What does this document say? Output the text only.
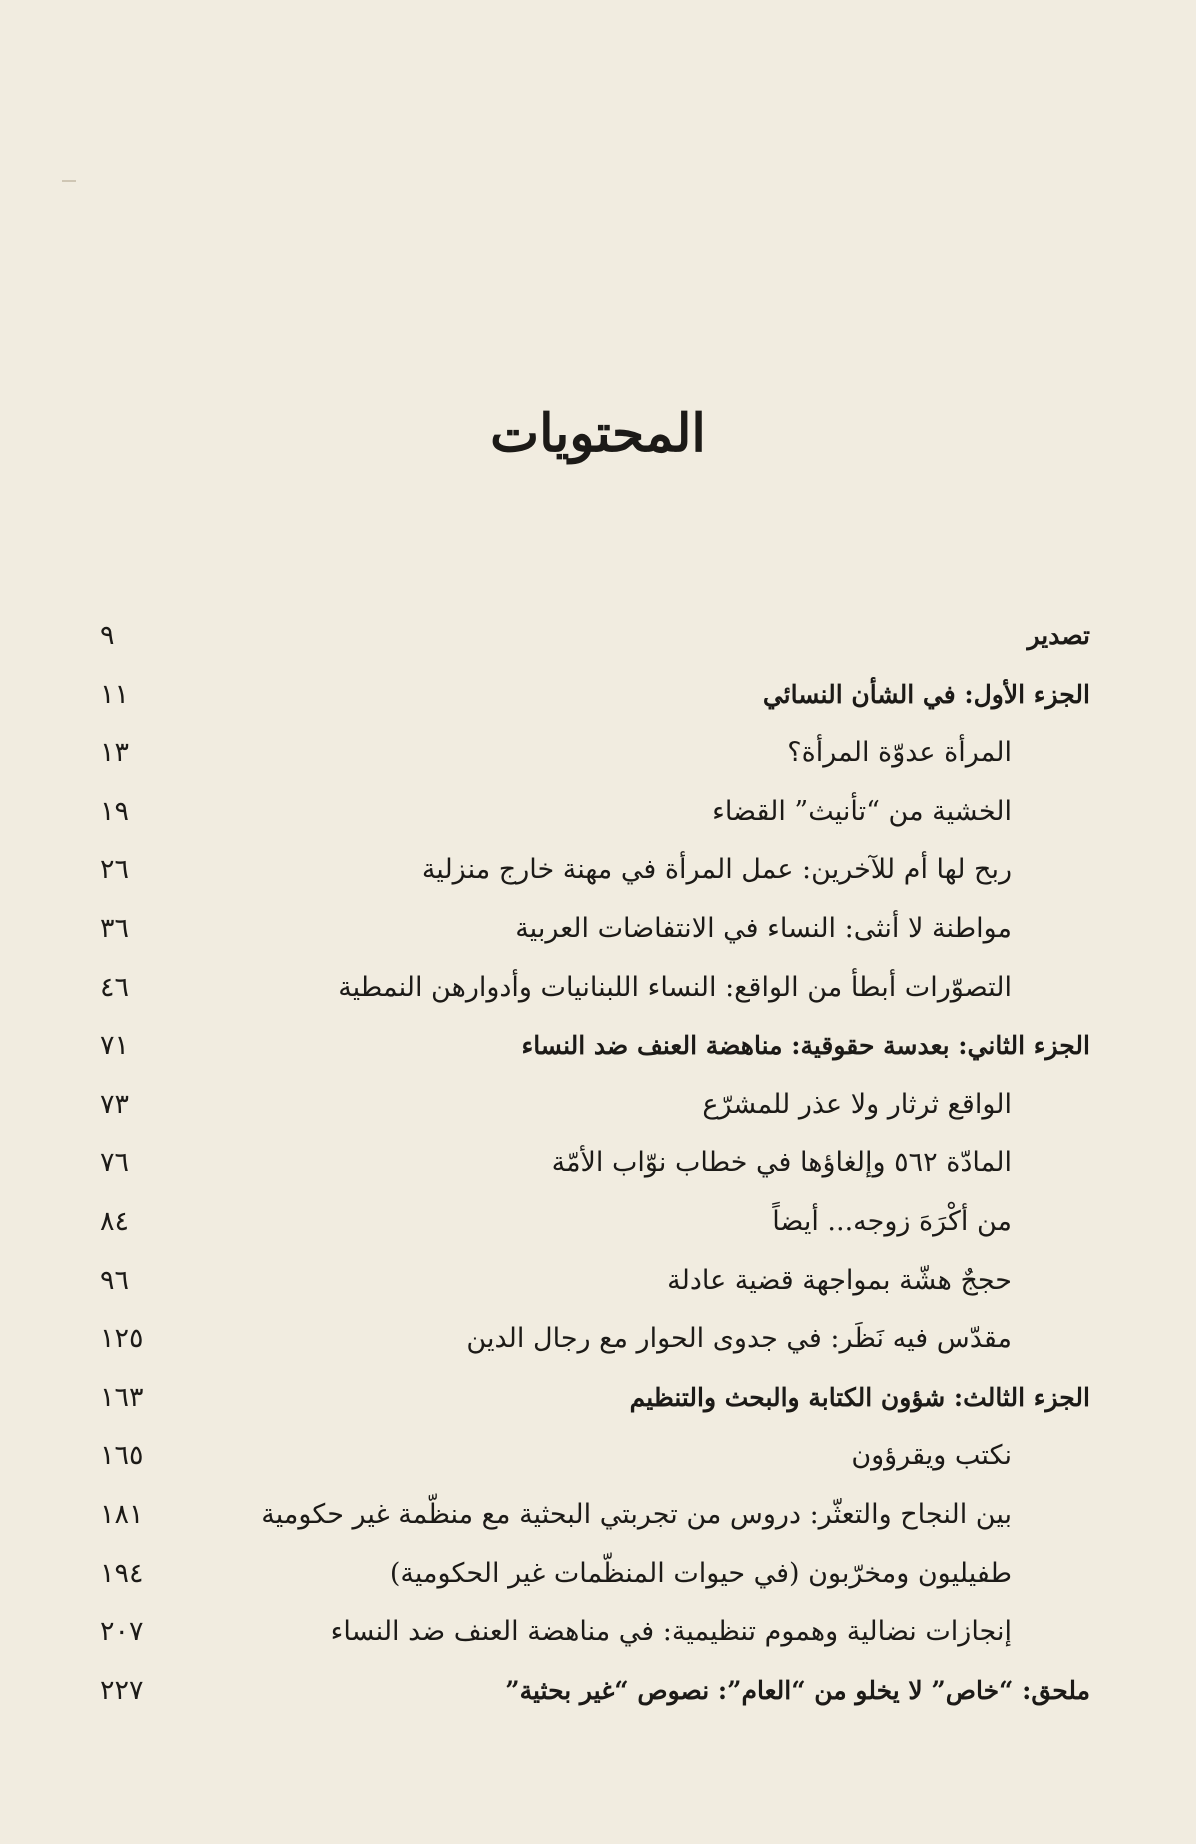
المحتويات
تصدير
٩
الجزء الأول: في الشأن النسائي
١١
المرأة عدوّة المرأة؟
١٣
الخشية من “تأنيث” القضاء
١٩
ربح لها أم للآخرين: عمل المرأة في مهنة خارج منزلية
٢٦
مواطنة لا أنثى: النساء في الانتفاضات العربية
٣٦
التصوّرات أبطأ من الواقع: النساء اللبنانيات وأدوارهن النمطية
٤٦
الجزء الثاني: بعدسة حقوقية: مناهضة العنف ضد النساء
٧١
الواقع ثرثار ولا عذر للمشرّع
٧٣
المادّة ٥٦٢ وإلغاؤها في خطاب نوّاب الأمّة
٧٦
من أكْرَهَ زوجه... أيضاً
٨٤
حججٌ هشّة بمواجهة قضية عادلة
٩٦
مقدّس فيه نَظَر: في جدوى الحوار مع رجال الدين
١٢٥
الجزء الثالث: شؤون الكتابة والبحث والتنظيم
١٦٣
نكتب ويقرؤون
١٦٥
بين النجاح والتعثّر: دروس من تجربتي البحثية مع منظّمة غير حكومية
١٨١
طفيليون ومخرّبون (في حيوات المنظّمات غير الحكومية)
١٩٤
إنجازات نضالية وهموم تنظيمية: في مناهضة العنف ضد النساء
٢٠٧
ملحق: “خاص” لا يخلو من “العام”: نصوص “غير بحثية”
٢٢٧
